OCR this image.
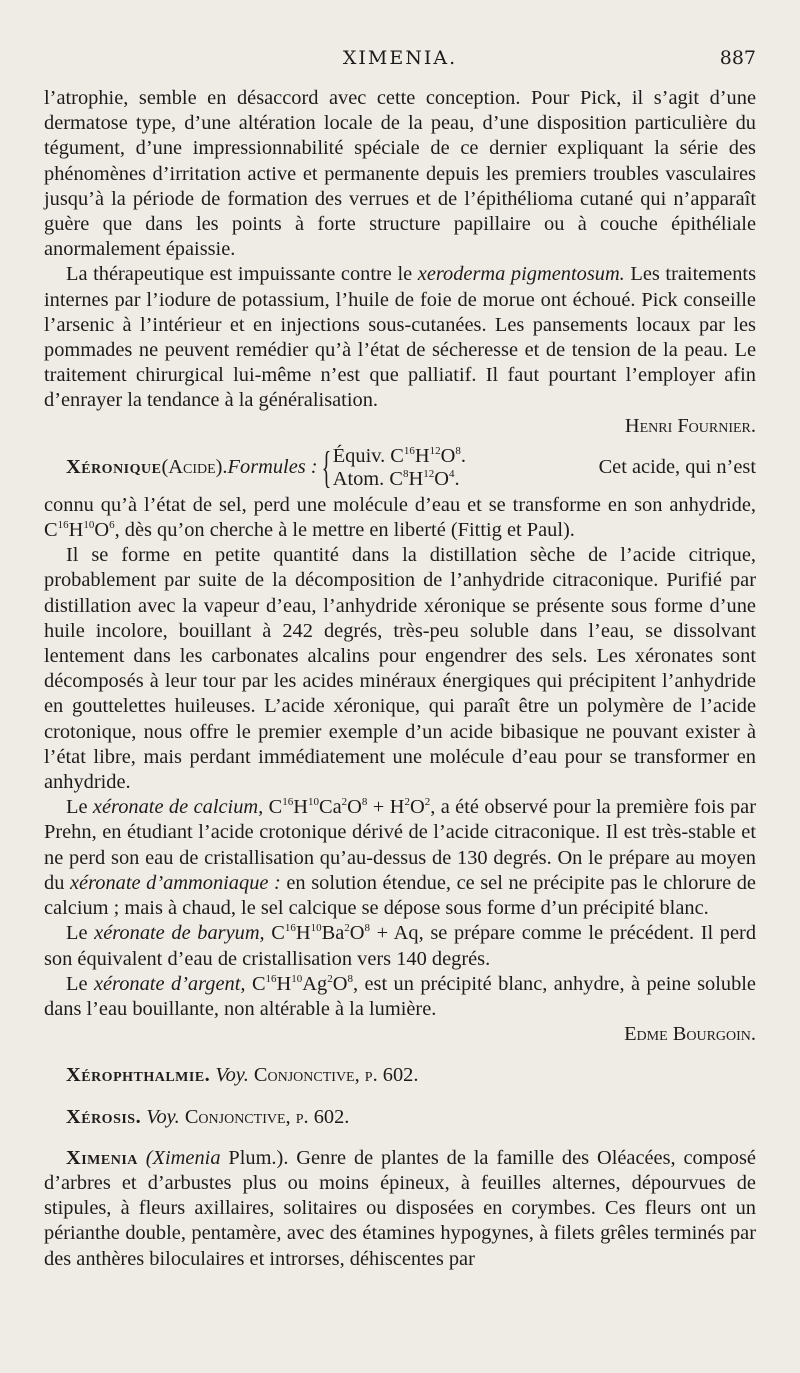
XIMENIA.	887

l’atrophie, semble en désaccord avec cette conception. Pour Pick, il s’agit d’une dermatose type, d’une altération locale de la peau, d’une disposition particulière du tégument, d’une impressionnabilité spéciale de ce dernier expliquant la série des phénomènes d’irritation active et permanente depuis les premiers troubles vasculaires jusqu’à la période de formation des verrues et de l’épithélioma cutané qui n’apparaît guère que dans les points à forte structure papillaire ou à couche épithéliale anormalement épaissie.

La thérapeutique est impuissante contre le xeroderma pigmentosum. Les traitements internes par l’iodure de potassium, l’huile de foie de morue ont échoué. Pick conseille l’arsenic à l’intérieur et en injections sous-cutanées. Les pansements locaux par les pommades ne peuvent remédier qu’à l’état de sécheresse et de tension de la peau. Le traitement chirurgical lui-même n’est que palliatif. Il faut pourtant l’employer afin d’enrayer la tendance à la généralisation.
Henri Fournier.

Xéronique (Acide). Formules : { Équiv. $C^{16}H^{12}O^8$.
Atom. $C^8H^{12}O^4$.
Cet acide, qui n’est

connu qu’à l’état de sel, perd une molécule d’eau et se transforme en son anhydride, $C^{16}H^{10}O^6$, dès qu’on cherche à le mettre en liberté (Fittig et Paul).

Il se forme en petite quantité dans la distillation sèche de l’acide citrique, probablement par suite de la décomposition de l’anhydride citraconique. Purifié par distillation avec la vapeur d’eau, l’anhydride xéronique se présente sous forme d’une huile incolore, bouillant à 242 degrés, très-peu soluble dans l’eau, se dissolvant lentement dans les carbonates alcalins pour engendrer des sels. Les xéronates sont décomposés à leur tour par les acides minéraux énergiques qui précipitent l’anhydride en gouttelettes huileuses. L’acide xéronique, qui paraît être un polymère de l’acide crotonique, nous offre le premier exemple d’un acide bibasique ne pouvant exister à l’état libre, mais perdant immédiatement une molécule d’eau pour se transformer en anhydride.

Le xéronate de calcium, $C^{16}H^{10}Ca^2O^8 + H^2O^2$, a été observé pour la première fois par Prehn, en étudiant l’acide crotonique dérivé de l’acide citraconique. Il est très-stable et ne perd son eau de cristallisation qu’au-dessus de 130 degrés. On le prépare au moyen du xéronate d’ammoniaque : en solution étendue, ce sel ne précipite pas le chlorure de calcium ; mais à chaud, le sel calcique se dépose sous forme d’un précipité blanc.

Le xéronate de baryum, $C^{16}H^{10}Ba^2O^8 + Aq$, se prépare comme le précédent. Il perd son équivalent d’eau de cristallisation vers 140 degrés.

Le xéronate d’argent, $C^{16}H^{10}Ag^2O^8$, est un précipité blanc, anhydre, à peine soluble dans l’eau bouillante, non altérable à la lumière.
Edme Bourgoin.

Xérophthalmie. Voy. Conjonctive, p. 602.

Xérosis. Voy. Conjonctive, p. 602.

Ximenia (Ximenia Plum.). Genre de plantes de la famille des Oléacées, composé d’arbres et d’arbustes plus ou moins épineux, à feuilles alternes, dépourvues de stipules, à fleurs axillaires, solitaires ou disposées en corymbes. Ces fleurs ont un périanthe double, pentamère, avec des étamines hypogynes, à filets grêles terminés par des anthères biloculaires et introrses, déhiscentes par
